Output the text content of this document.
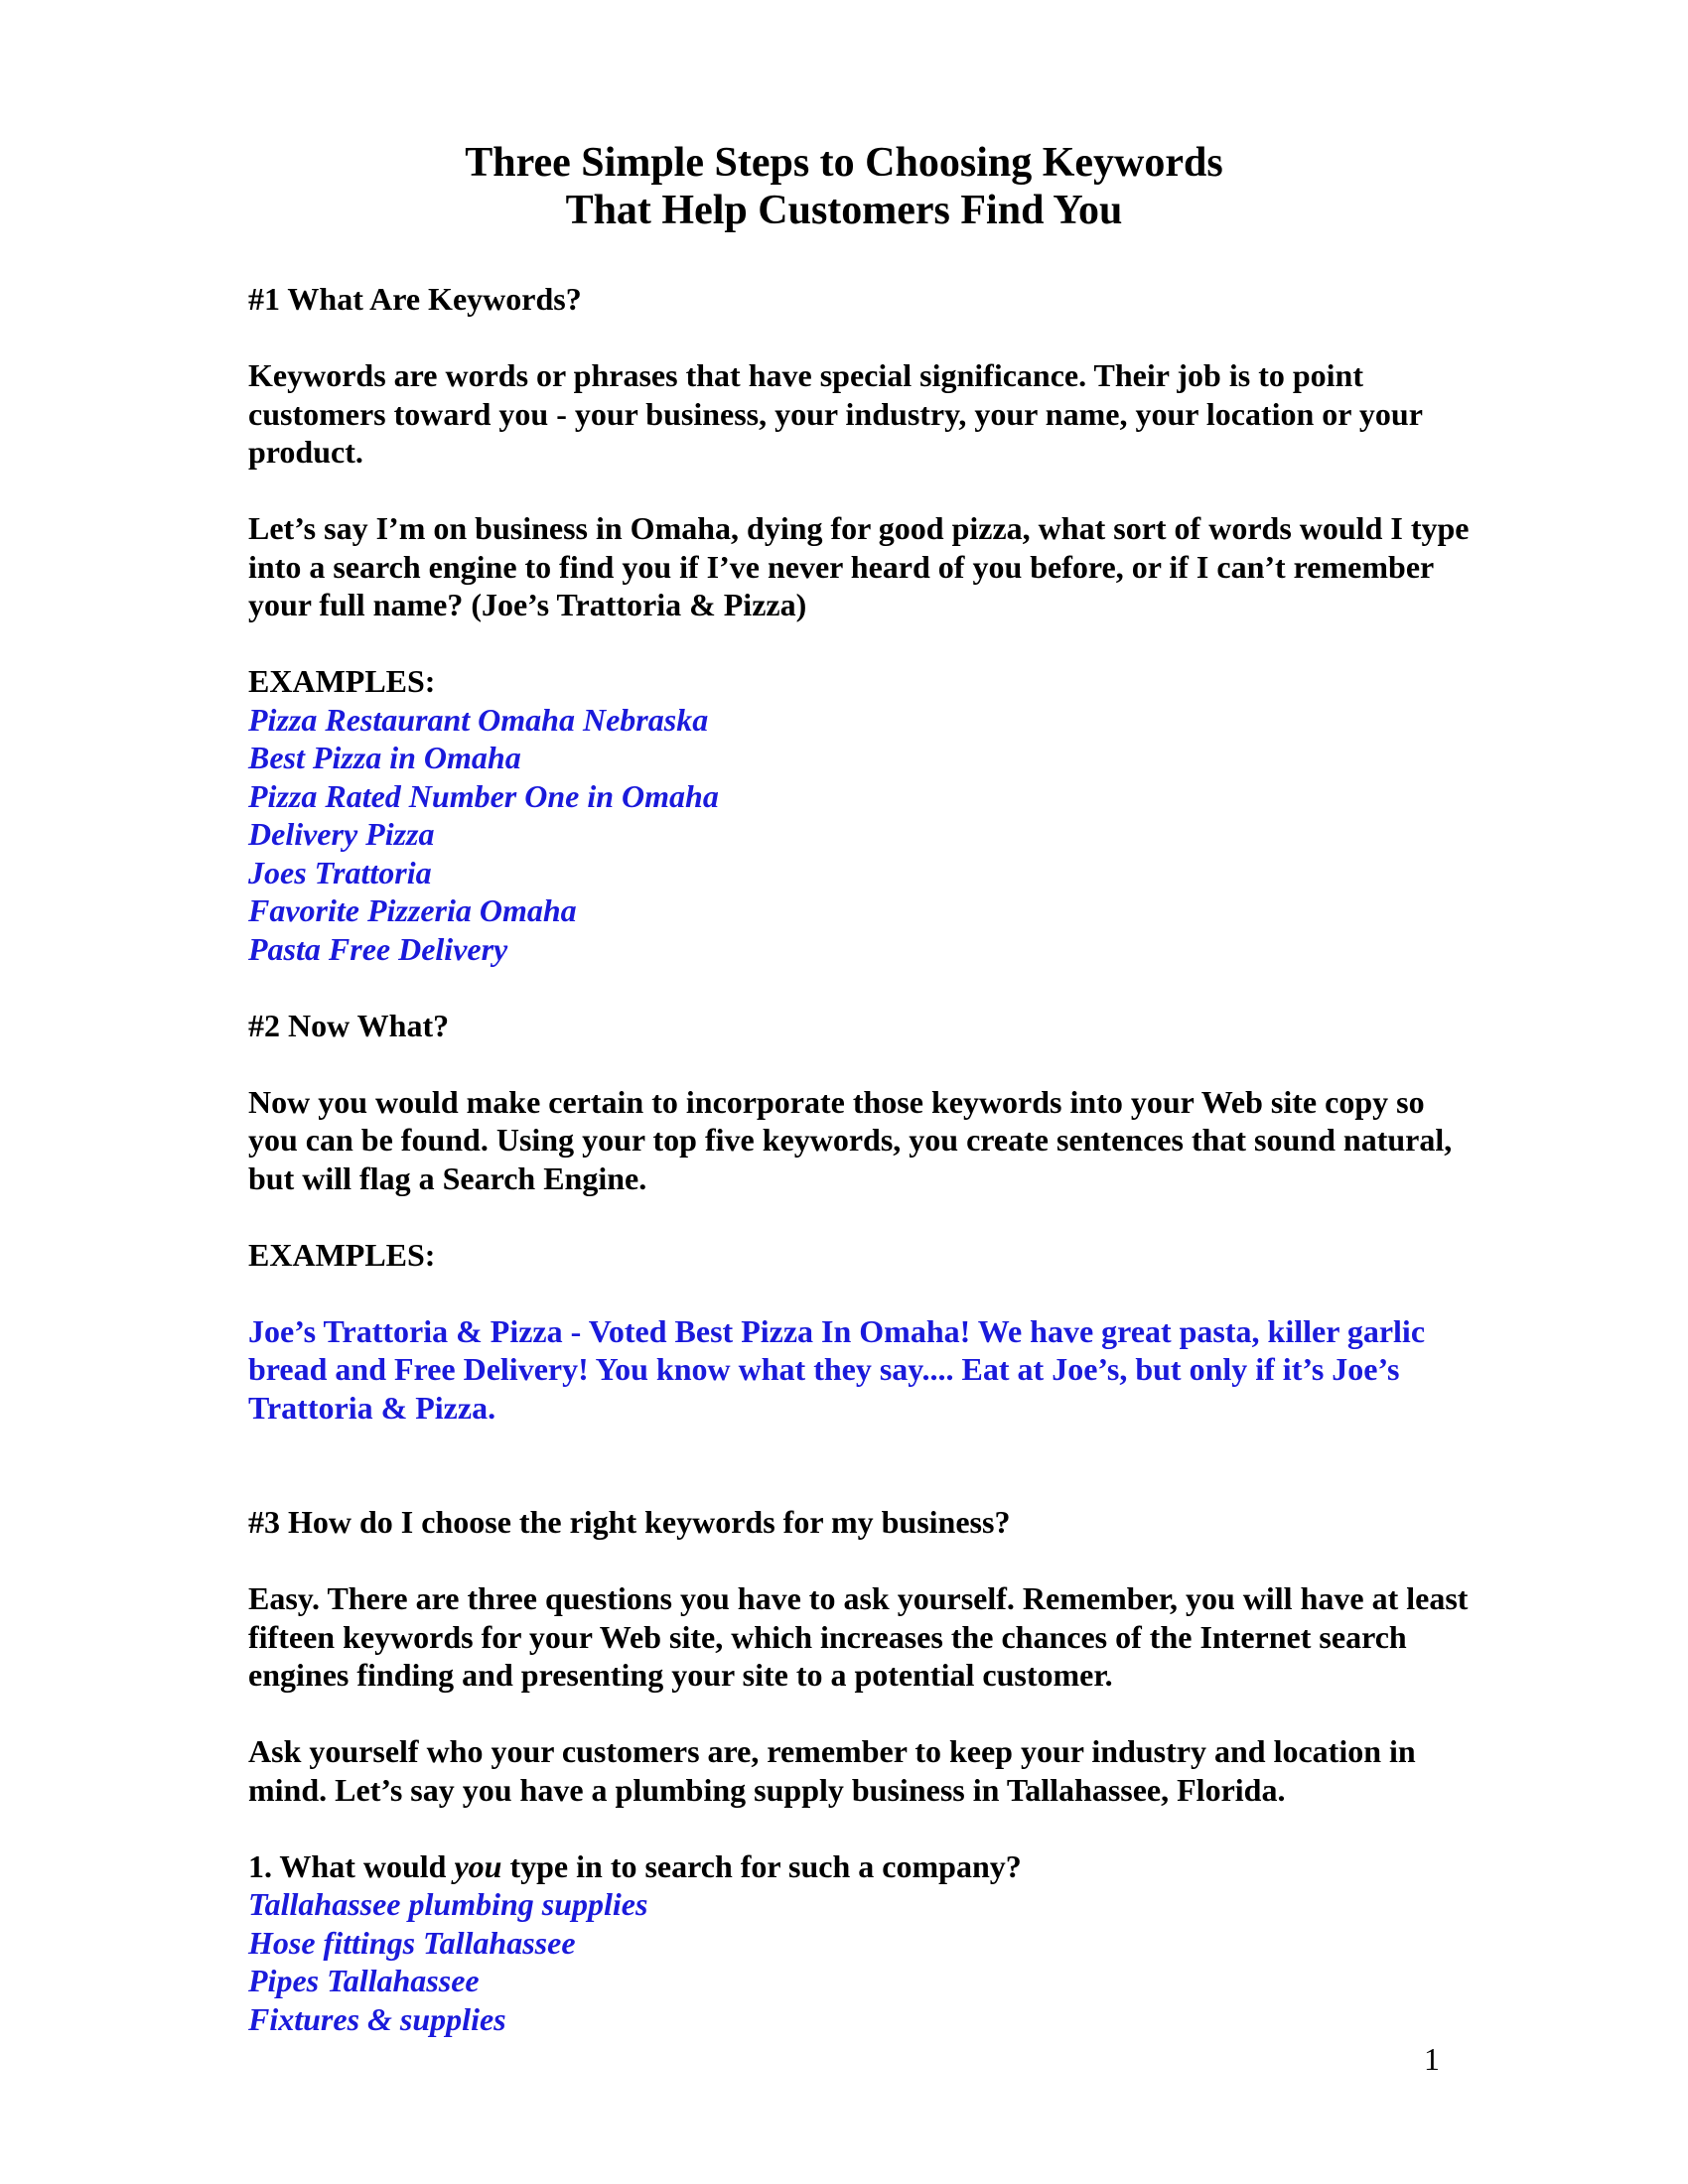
Three Simple Steps to Choosing Keywords
That Help Customers Find You

#1 What Are Keywords?

Keywords are words or phrases that have special significance. Their job is to point customers toward you - your business, your industry, your name, your location or your product.

Let’s say I’m on business in Omaha, dying for good pizza, what sort of words would I type into a search engine to find you if I’ve never heard of you before, or if I can’t remember your full name? (Joe’s Trattoria & Pizza)

EXAMPLES:

Pizza Restaurant Omaha Nebraska

Best Pizza in Omaha

Pizza Rated Number One in Omaha

Delivery Pizza

Joes Trattoria

Favorite Pizzeria Omaha

Pasta Free Delivery

#2 Now What?

Now you would make certain to incorporate those keywords into your Web site copy so you can be found. Using your top five keywords, you create sentences that sound natural, but will flag a Search Engine.

EXAMPLES:

Joe’s Trattoria & Pizza - Voted Best Pizza In Omaha! We have great pasta, killer garlic bread and Free Delivery! You know what they say.... Eat at Joe’s, but only if it’s Joe’s Trattoria & Pizza.

#3 How do I choose the right keywords for my business?

Easy. There are three questions you have to ask yourself. Remember, you will have at least fifteen keywords for your Web site, which increases the chances of the Internet search engines finding and presenting your site to a potential customer.

Ask yourself who your customers are, remember to keep your industry and location in mind. Let’s say you have a plumbing supply business in Tallahassee, Florida.

1. What would you type in to search for such a company?

Tallahassee plumbing supplies

Hose fittings Tallahassee

Pipes Tallahassee

Fixtures & supplies

1
